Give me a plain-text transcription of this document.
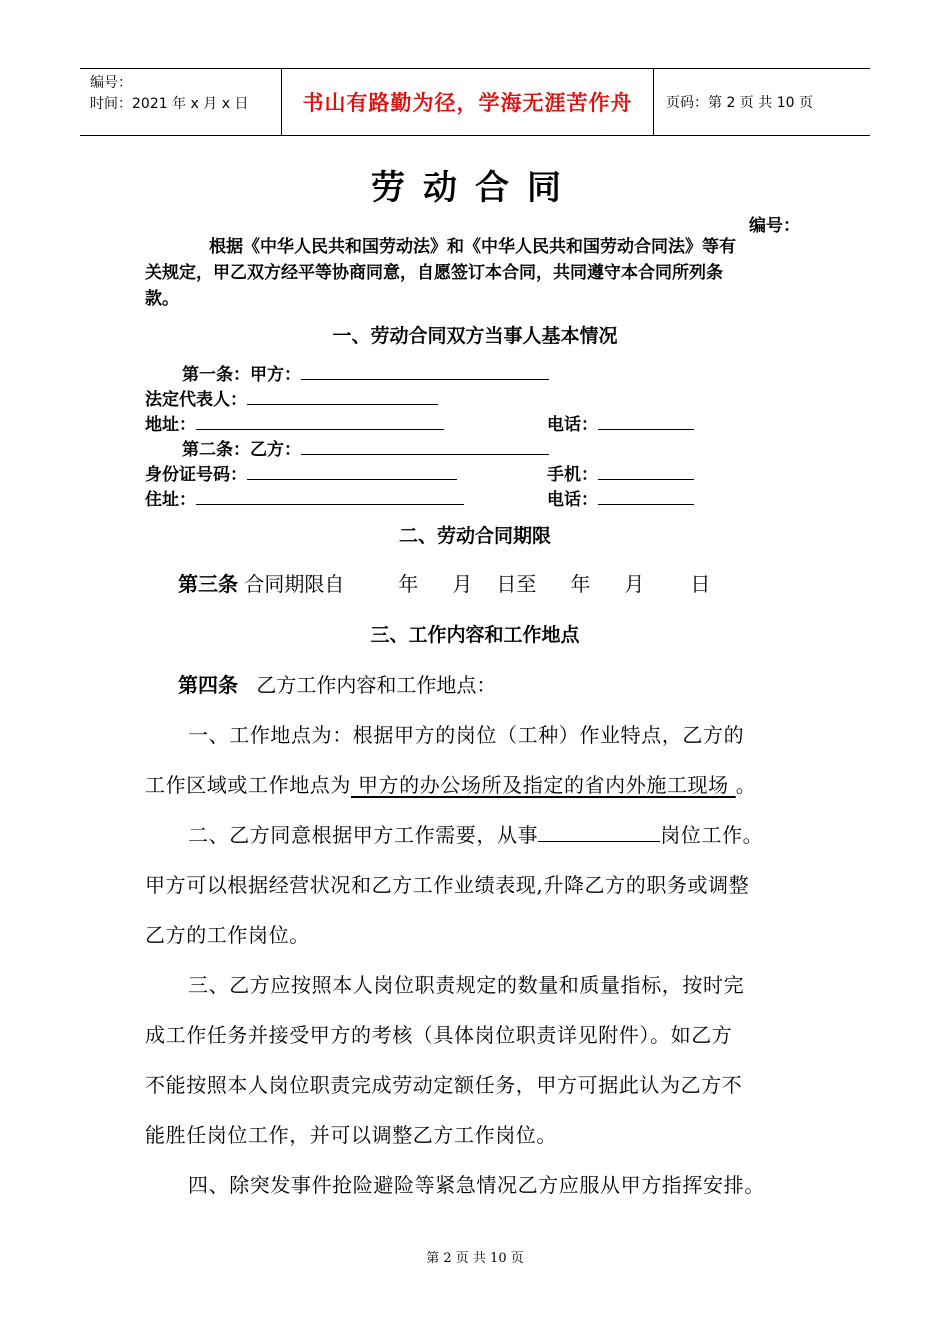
编号：
时间：2021 年 x 月 x 日	书山有路勤为径，学海无涯苦作舟 页码：第 2 页 共 10 页
劳动合同
编号：
根据《中华人民共和国劳动法》和《中华人民共和国劳动合同法》等有
关规定，甲乙双方经平等协商同意，自愿签订本合同，共同遵守本合同所列条
款。
一、劳动合同双方当事人基本情况
第一条：甲方：
法定代表人：
地址：	电话：
第二条：乙方：
身份证号码：	手机：
住址：	电话：
二、劳动合同期限
第三条 合同期限自	年 月 日至 年 月 日
三、工作内容和工作地点
第四条 乙方工作内容和工作地点：
一、工作地点为：根据甲方的岗位（工种）作业特点，乙方的
工作区域或工作地点为 甲方的办公场所及指定的省内外施工现场 。
二、乙方同意根据甲方工作需要，从事	岗位工作。
甲方可以根据经营状况和乙方工作业绩表现,升降乙方的职务或调整
乙方的工作岗位。
三、乙方应按照本人岗位职责规定的数量和质量指标，按时完
成工作任务并接受甲方的考核（具体岗位职责详见附件）。如乙方
不能按照本人岗位职责完成劳动定额任务，甲方可据此认为乙方不
能胜任岗位工作，并可以调整乙方工作岗位。
四、除突发事件抢险避险等紧急情况乙方应服从甲方指挥安排。
第 2 页 共 10 页
